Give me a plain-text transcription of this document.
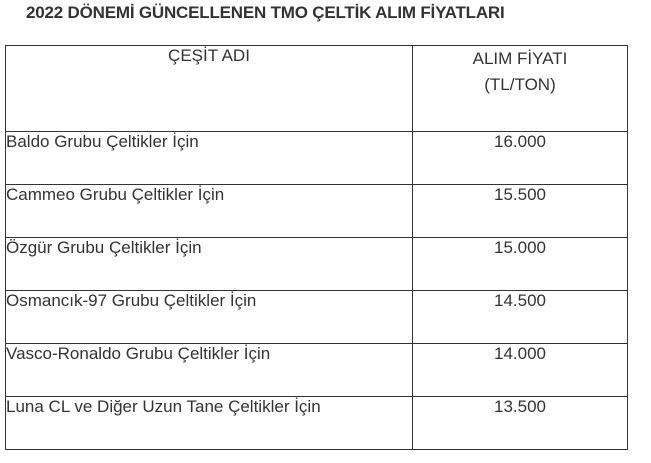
2022 DÖNEMİ GÜNCELLENEN TMO ÇELTİK ALIM FİYATLARI
ÇEŞİT ADI	ALIM FİYATI
(TL/TON)

Baldo Grubu Çeltikler İçin	16.000
Cammeo Grubu Çeltikler İçin	15.500
Özgür Grubu Çeltikler İçin	15.000
Osmancık-97 Grubu Çeltikler İçin	14.500
Vasco-Ronaldo Grubu Çeltikler İçin	14.000
Luna CL ve Diğer Uzun Tane Çeltikler İçin	13.500
